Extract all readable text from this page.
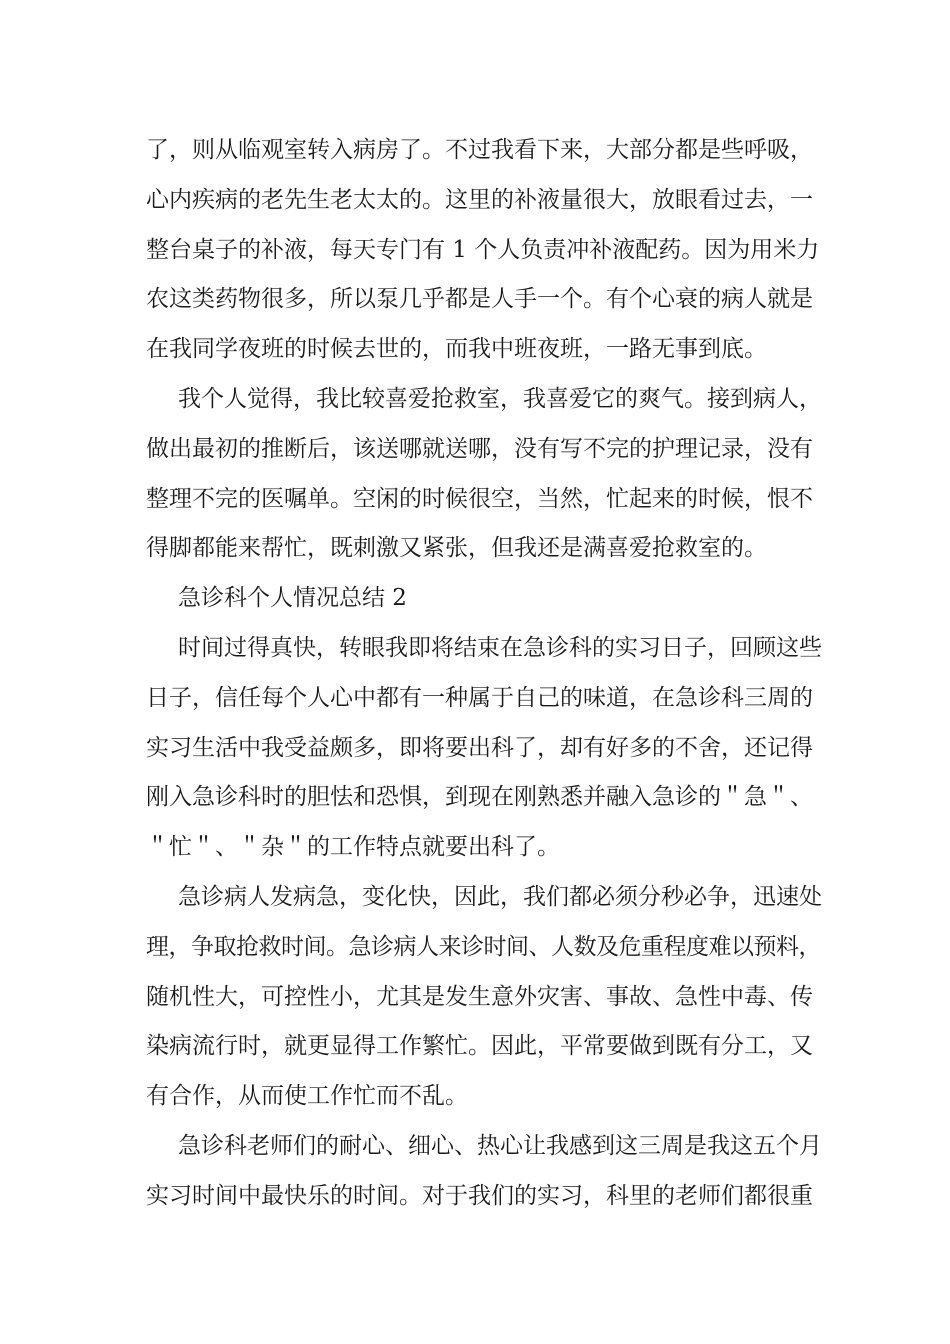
了，则从临观室转入病房了。不过我看下来，大部分都是些呼吸，
心内疾病的老先生老太太的。这里的补液量很大，放眼看过去，一
整台桌子的补液，每天专门有 1 个人负责冲补液配药。因为用米力
农这类药物很多，所以泵几乎都是人手一个。有个心衰的病人就是
在我同学夜班的时候去世的，而我中班夜班，一路无事到底。
我个人觉得，我比较喜爱抢救室，我喜爱它的爽气。接到病人，
做出最初的推断后，该送哪就送哪，没有写不完的护理记录，没有
整理不完的医嘱单。空闲的时候很空，当然，忙起来的时候，恨不
得脚都能来帮忙，既刺激又紧张，但我还是满喜爱抢救室的。
急诊科个人情况总结 2
时间过得真快，转眼我即将结束在急诊科的实习日子，回顾这些
日子，信任每个人心中都有一种属于自己的味道，在急诊科三周的
实习生活中我受益颇多，即将要出科了，却有好多的不舍，还记得
刚入急诊科时的胆怯和恐惧，到现在刚熟悉并融入急诊的＂急＂、
＂忙＂、＂杂＂的工作特点就要出科了。
急诊病人发病急，变化快，因此，我们都必须分秒必争，迅速处
理，争取抢救时间。急诊病人来诊时间、人数及危重程度难以预料，
随机性大，可控性小，尤其是发生意外灾害、事故、急性中毒、传
染病流行时，就更显得工作繁忙。因此，平常要做到既有分工，又
有合作，从而使工作忙而不乱。
急诊科老师们的耐心、细心、热心让我感到这三周是我这五个月
实习时间中最快乐的时间。对于我们的实习，科里的老师们都很重
